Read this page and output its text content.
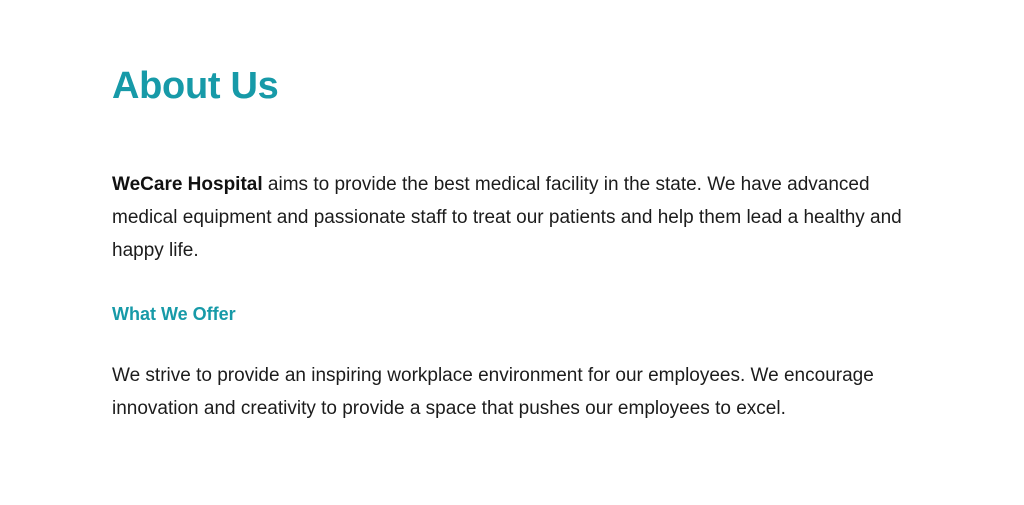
About Us

WeCare Hospital aims to provide the best medical facility in the state. We have advanced medical equipment and passionate staff to treat our patients and help them lead a healthy and happy life.

What We Offer

We strive to provide an inspiring workplace environment for our employees. We encourage innovation and creativity to provide a space that pushes our employees to excel.
